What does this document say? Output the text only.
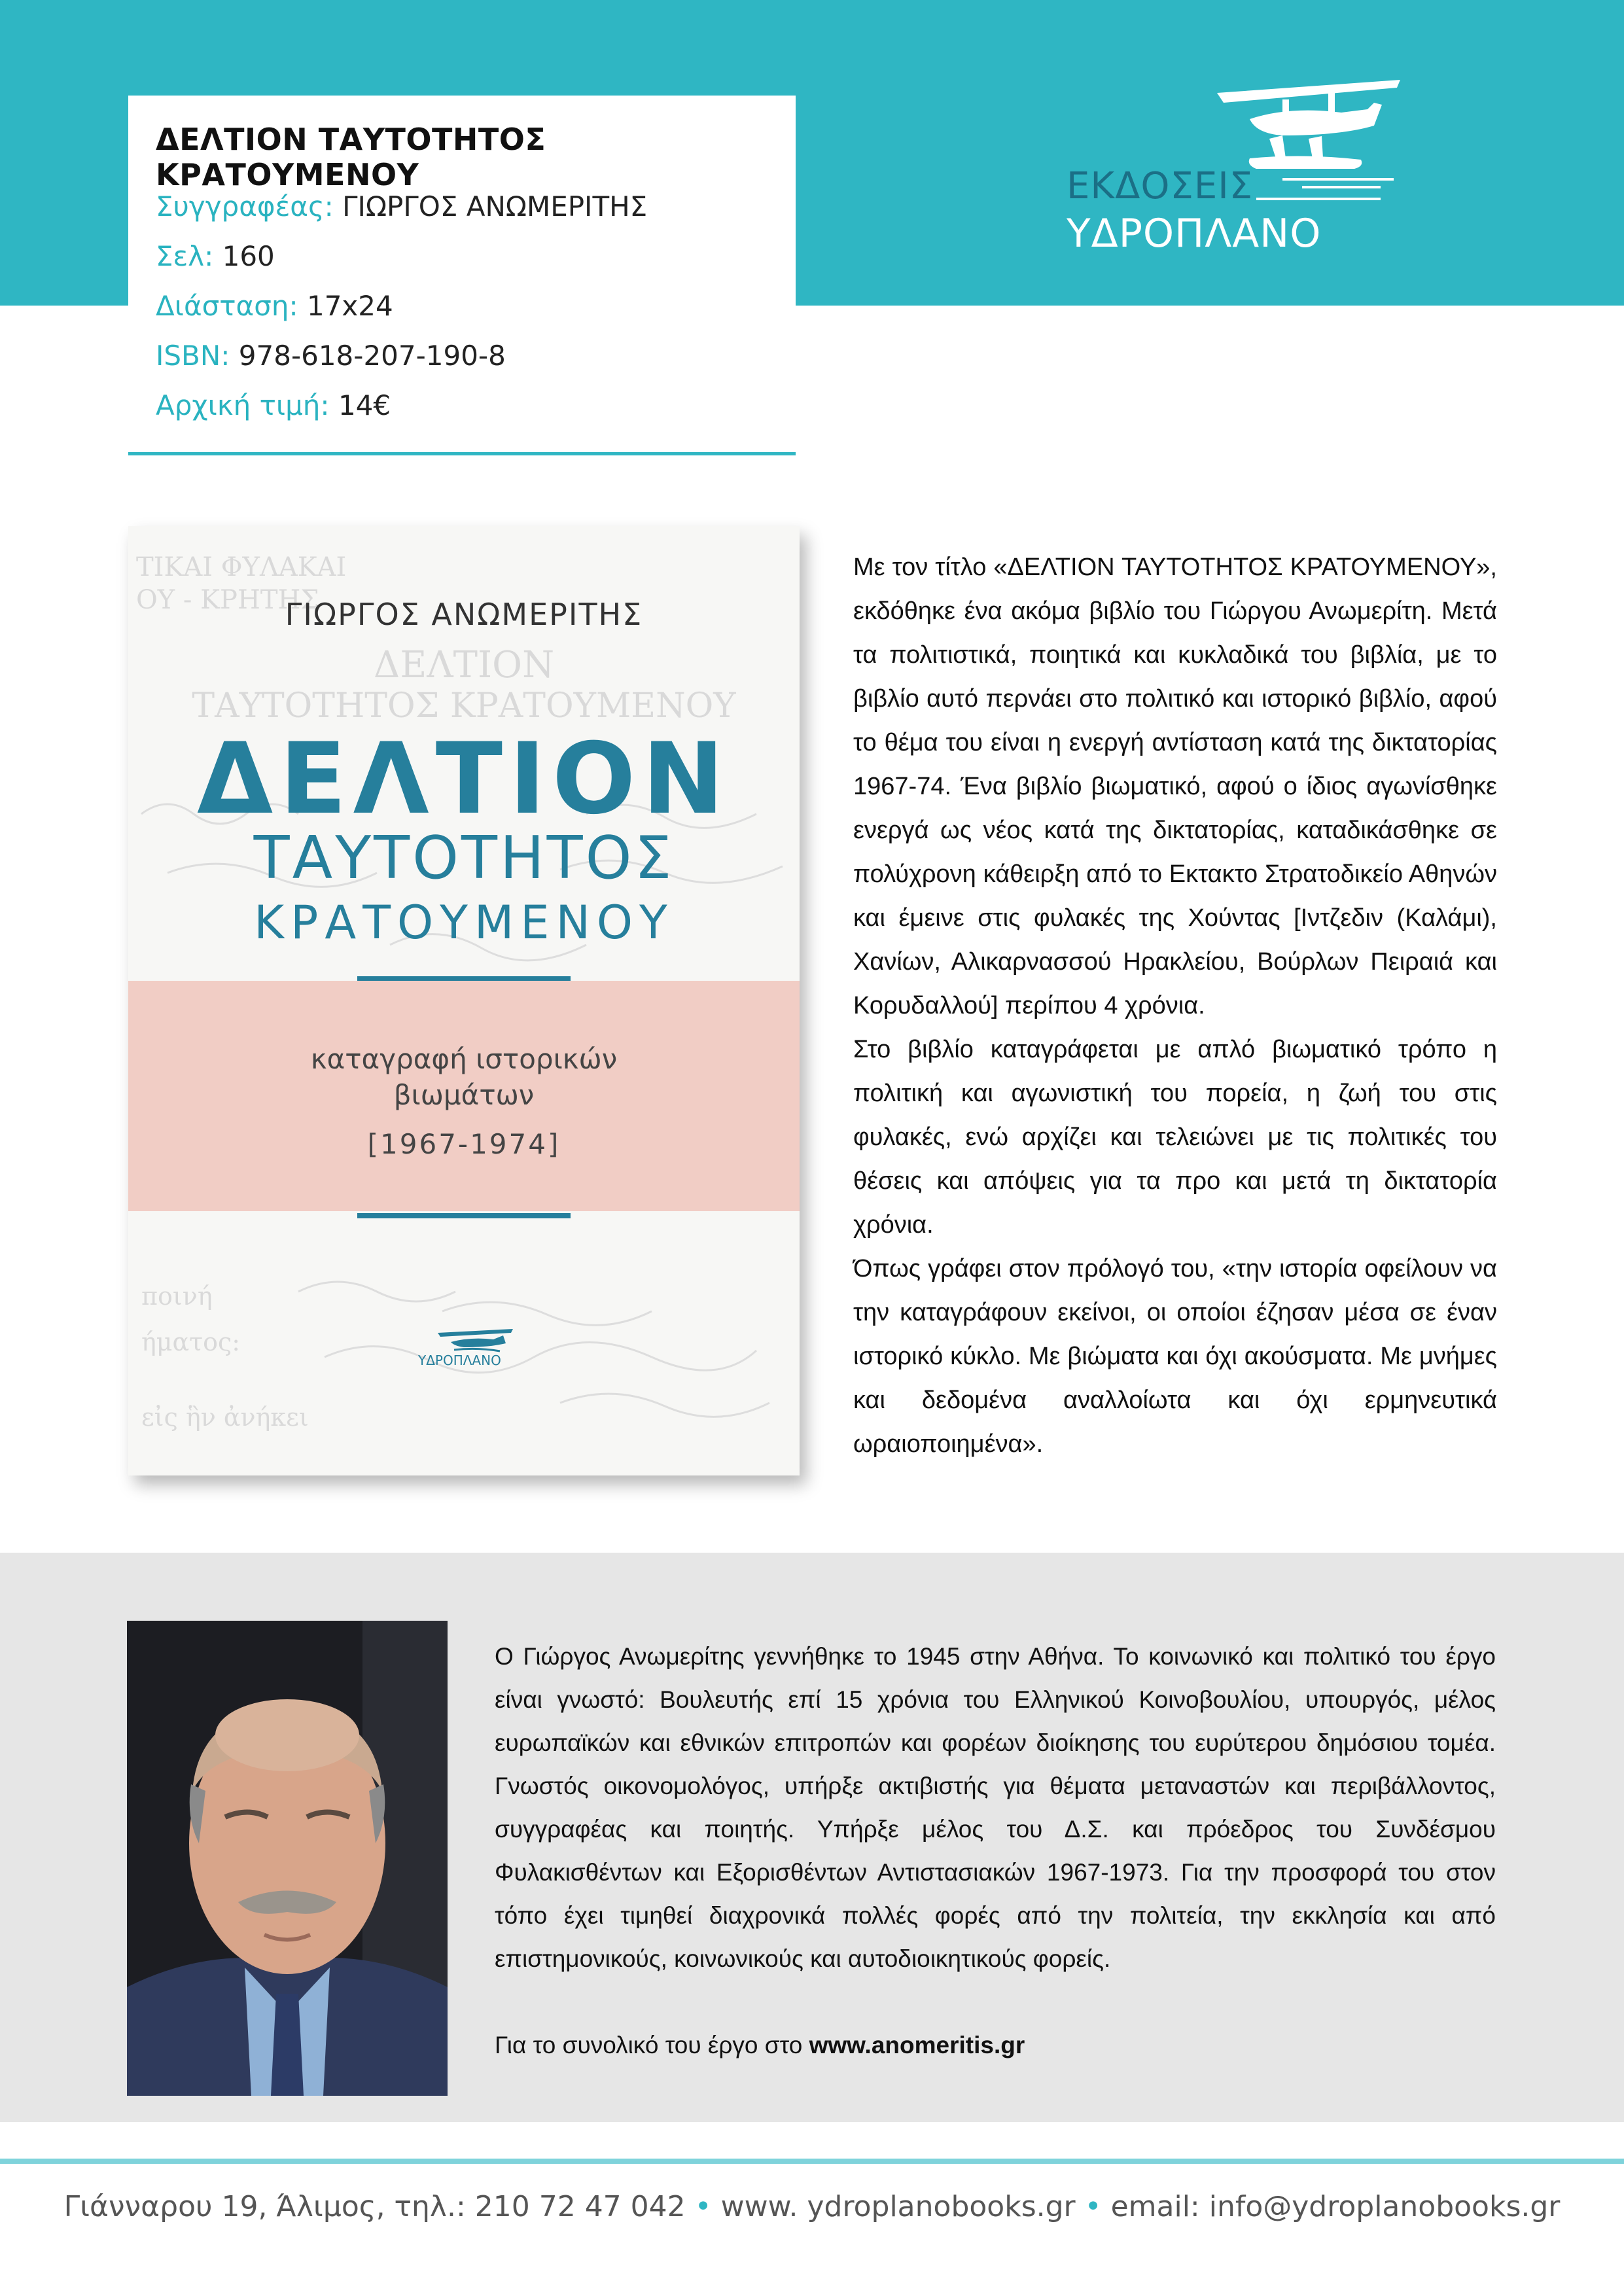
ΔΕΛΤΙΟΝ ΤΑΥΤΟΤΗΤΟΣ ΚΡΑΤΟΥΜΕΝΟΥ
Συγγραφέας: ΓΙΩΡΓΟΣ ΑΝΩΜΕΡΙΤΗΣ
Σελ: 160
Διάσταση: 17x24
ISBN: 978-618-207-190-8
Αρχική τιμή: 14€
ΕΚΔΟΣΕΙΣ
ΥΔΡΟΠΛΑΝΟ
ΤΙΚΑΙ ΦΥΛΑΚΑΙ
ΟΥ - ΚΡΗΤΗΣ
ΓΙΩΡΓΟΣ ΑΝΩΜΕΡΙΤΗΣ
ΔΕΛΤΙΟΝ
ΤΑΥΤΟΤΗΤΟΣ ΚΡΑΤΟΥΜΕΝΟΥ
ΔΕΛΤΙΟΝ
ΤΑΥΤΟΤΗΤΟΣ
ΚΡΑΤΟΥΜΕΝΟΥ
καταγραφή ιστορικών
βιωμάτων
[1967-1974]
ποινή
ήματος:
εἰς ἣν ἀνήκει
ΥΔΡΟΠΛΑΝΟ

Με τον τίτλο «ΔΕΛΤΙΟΝ ΤΑΥΤΟΤΗΤΟΣ ΚΡΑΤΟΥΜΕΝΟΥ», εκδόθηκε ένα ακόμα βιβλίο του Γιώργου Ανωμερίτη. Μετά τα πολιτιστικά, ποιητικά και κυκλαδικά του βιβλία, με το βιβλίο αυτό περνάει στο πολιτικό και ιστορικό βιβλίο, αφού το θέμα του είναι η ενεργή αντίσταση κατά της δικτατορίας 1967-74. Ένα βιβλίο βιωματικό, αφού ο ίδιος αγωνίσθηκε ενεργά ως νέος κατά της δικτατορίας, καταδικάσθηκε σε πολύχρονη κάθειρξη από το Εκτακτο Στρατοδικείο Αθηνών και έμεινε στις φυλακές της Χούντας [Ιντζεδιν (Καλάμι), Χανίων, Αλικαρνασσού Ηρακλείου, Βούρλων Πειραιά και Κορυδαλλού] περίπου 4 χρόνια.

Στο βιβλίο καταγράφεται με απλό βιωματικό τρόπο η πολιτική και αγωνιστική του πορεία, η ζωή του στις φυλακές, ενώ αρχίζει και τελειώνει με τις πολιτικές του θέσεις και απόψεις για τα προ και μετά τη δικτατορία χρόνια.

Όπως γράφει στον πρόλογό του, «την ιστορία οφείλουν να την καταγράφουν εκείνοι, οι οποίοι έζησαν μέσα σε έναν ιστορικό κύκλο. Με βιώματα και όχι ακούσματα. Με μνήμες και δεδομένα αναλλοίωτα και όχι ερμηνευτικά ωραιοποιημένα».

Ο Γιώργος Ανωμερίτης γεννήθηκε το 1945 στην Αθήνα. Το κοινωνικό και πολιτικό του έργο είναι γνωστό: Βουλευτής επί 15 χρόνια του Ελληνικού Κοινοβουλίου, υπουργός, μέλος ευρωπαϊκών και εθνικών επιτροπών και φορέων διοίκησης του ευρύτερου δημόσιου τομέα. Γνωστός οικονομολόγος, υπήρξε ακτιβιστής για θέματα μεταναστών και περιβάλλοντος, συγγραφέας και ποιητής. Υπήρξε μέλος του Δ.Σ. και πρόεδρος του Συνδέσμου Φυλακισθέντων και Εξορισθέντων Αντιστασιακών 1967-1973. Για την προσφορά του στον τόπο έχει τιμηθεί διαχρονικά πολλές φορές από την πολιτεία, την εκκλησία και από επιστημονικούς, κοινωνικούς και αυτοδιοικητικούς φορείς.

Για το συνολικό του έργο στο www.anomeritis.gr

Γιάνναρου 19, Άλιμος, τηλ.: 210 72 47 042 • www. ydroplanobooks.gr • email: info@ydroplanobooks.gr
